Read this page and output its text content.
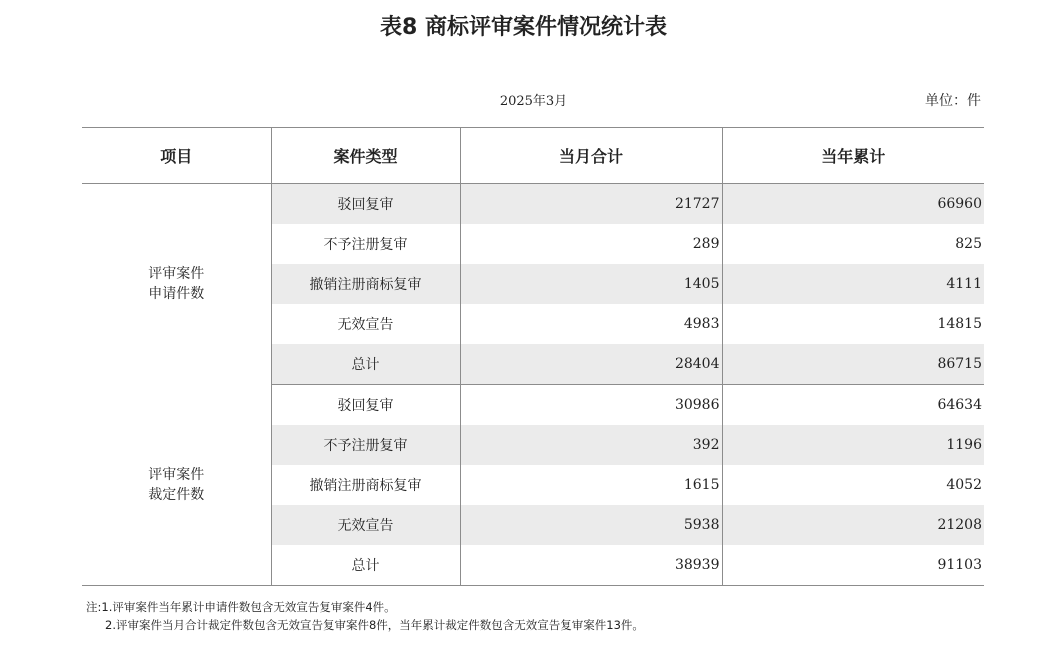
表8 商标评审案件情况统计表
2025年3月	单位：件
项目	案件类型	当月合计	当年累计

评审案件
申请件数	驳回复审	21727	66960
	不予注册复审	289	825
	撤销注册商标复审	1405	4111
	无效宣告	4983	14815
	总计	28404	86715

评审案件
裁定件数	驳回复审	30986	64634
	不予注册复审	392	1196
	撤销注册商标复审	1615	4052
	无效宣告	5938	21208
	总计	38939	91103
注:1.评审案件当年累计申请件数包含无效宣告复审案件4件。
2.评审案件当月合计裁定件数包含无效宣告复审案件8件，当年累计裁定件数包含无效宣告复审案件13件。
